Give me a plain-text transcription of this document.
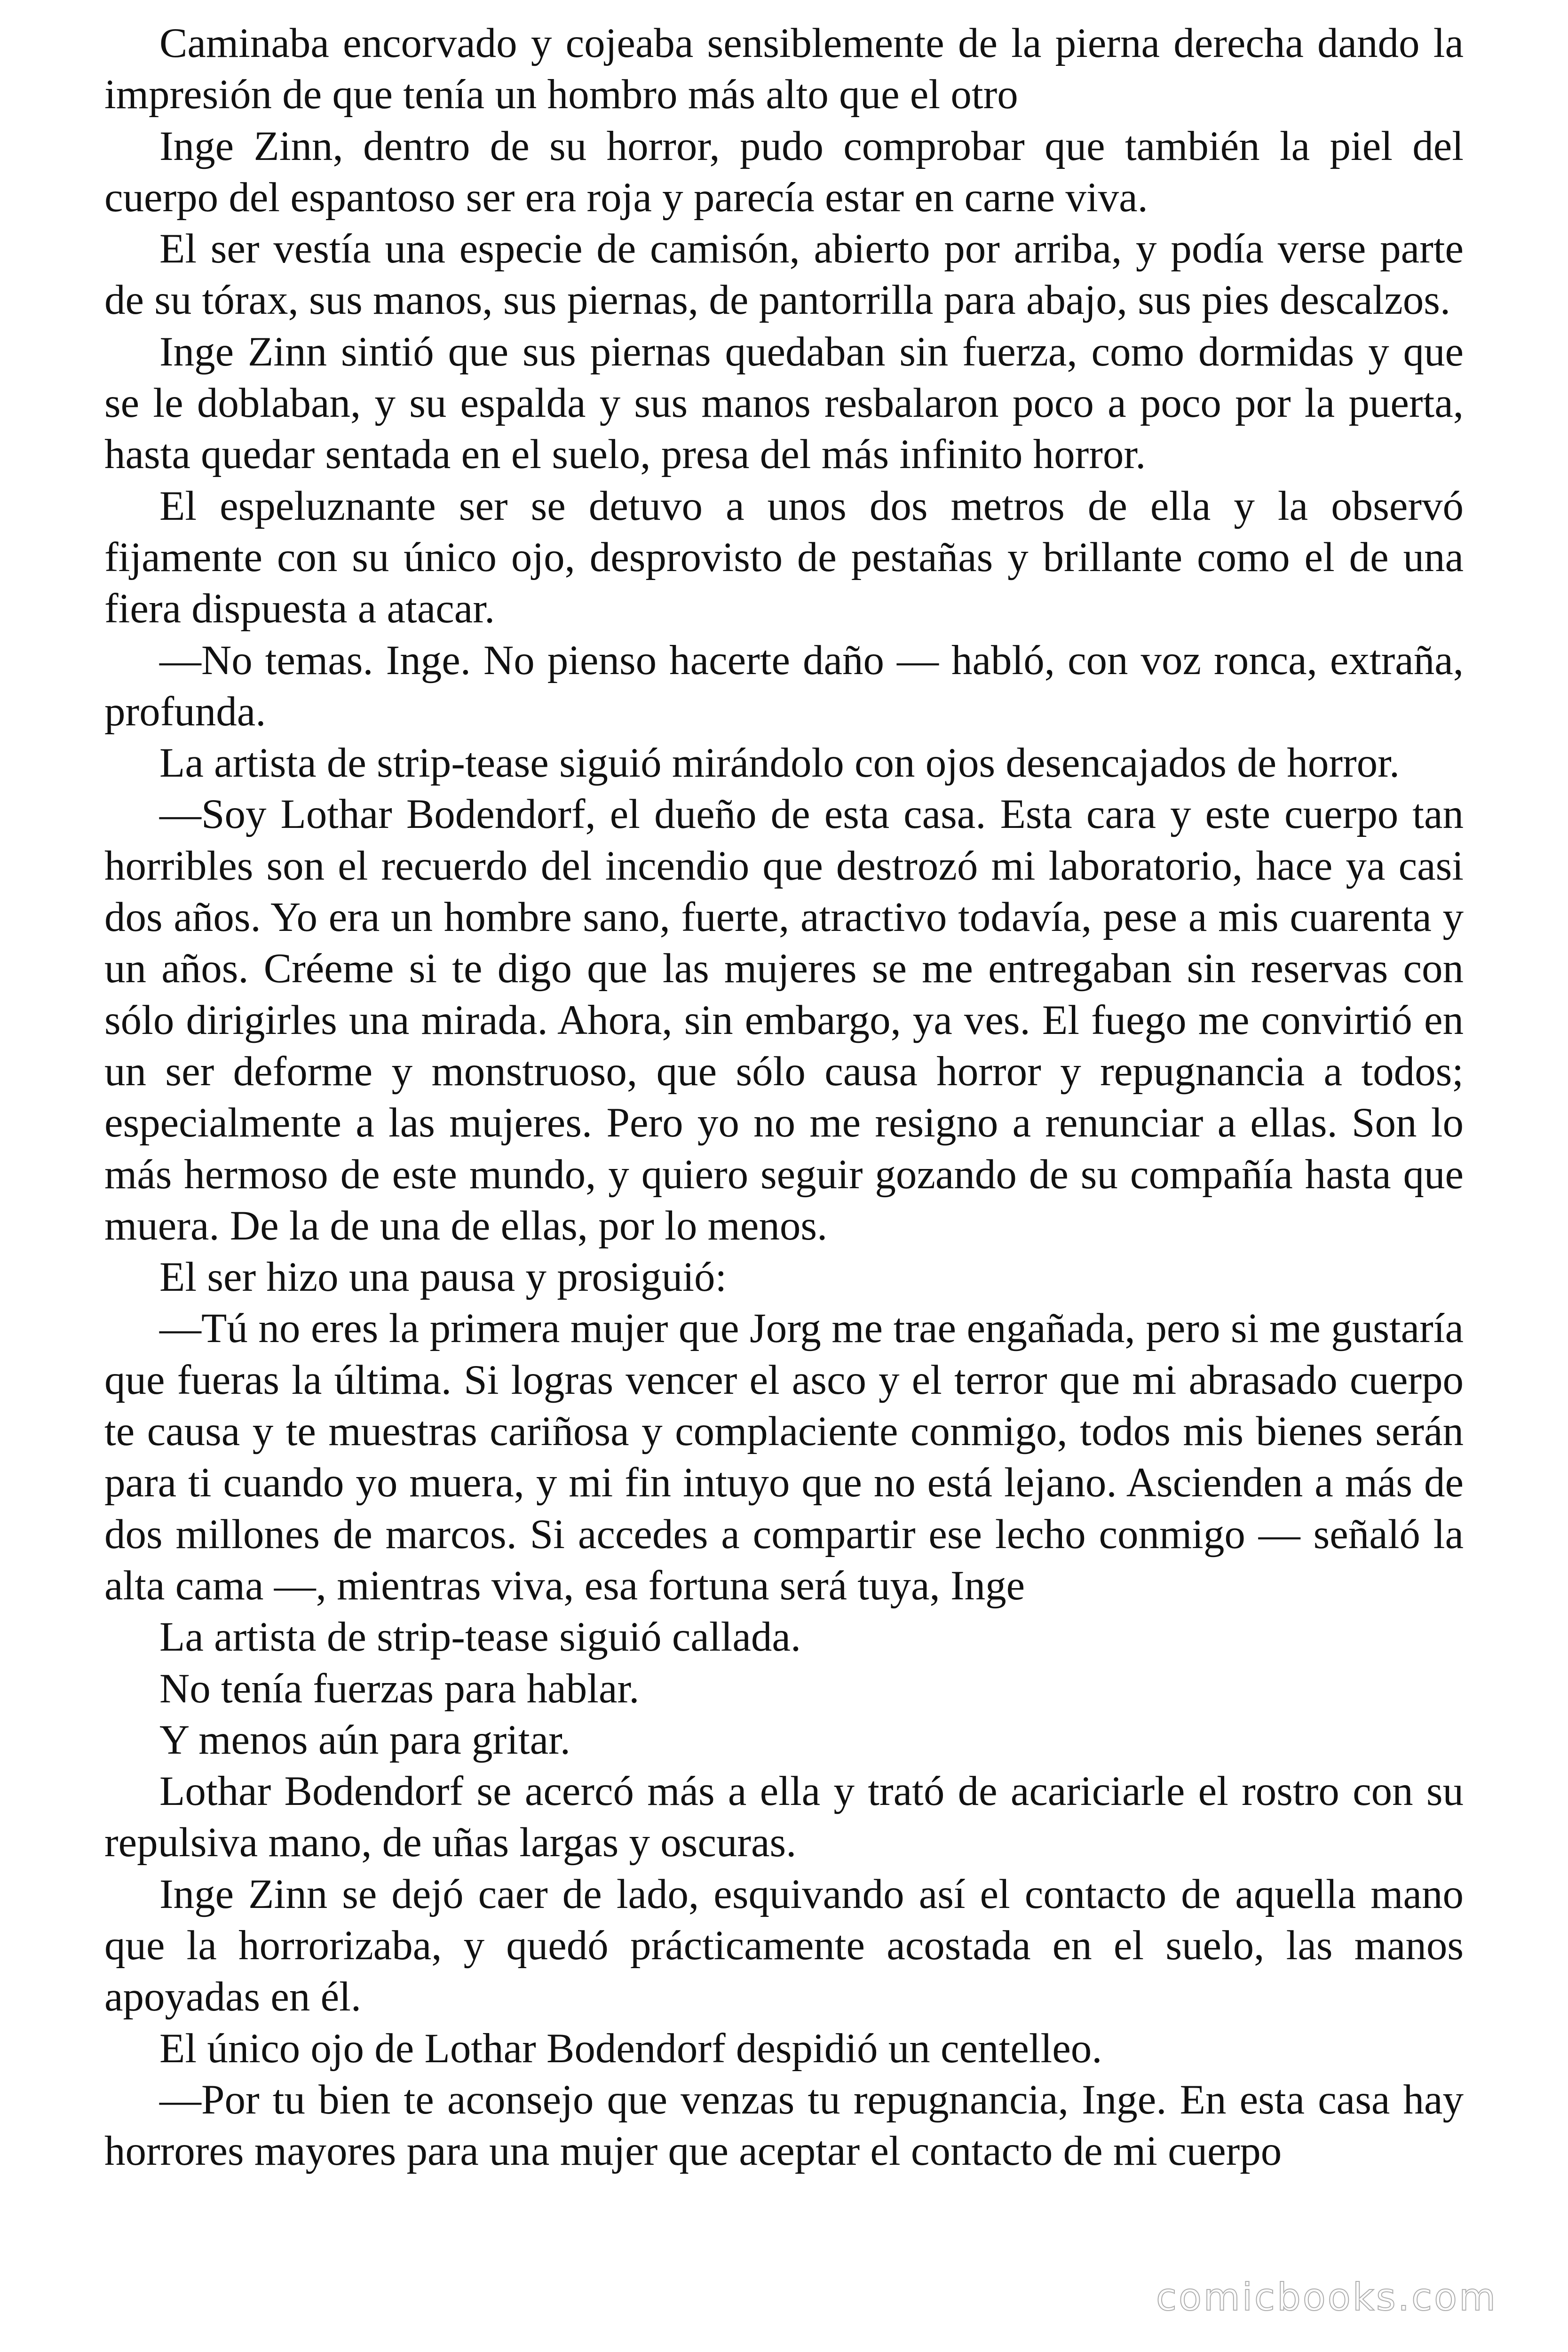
Caminaba encorvado y cojeaba sensiblemente de la pierna derecha dando la impresión de que tenía un hombro más alto que el otro

Inge Zinn, dentro de su horror, pudo comprobar que también la piel del cuerpo del espantoso ser era roja y parecía estar en carne viva.

El ser vestía una especie de camisón, abierto por arriba, y podía verse parte de su tórax, sus manos, sus piernas, de pantorrilla para abajo, sus pies descalzos.

Inge Zinn sintió que sus piernas quedaban sin fuerza, como dormidas y que se le doblaban, y su espalda y sus manos resbalaron poco a poco por la puerta, hasta quedar sentada en el suelo, presa del más infinito horror.

El espeluznante ser se detuvo a unos dos metros de ella y la observó fijamente con su único ojo, desprovisto de pestañas y brillante como el de una fiera dispuesta a atacar.

—No temas. Inge. No pienso hacerte daño — habló, con voz ronca, extraña, profunda.

La artista de strip-tease siguió mirándolo con ojos desencajados de horror.

—Soy Lothar Bodendorf, el dueño de esta casa. Esta cara y este cuerpo tan horribles son el recuerdo del incendio que destrozó mi laboratorio, hace ya casi dos años. Yo era un hombre sano, fuerte, atractivo todavía, pese a mis cuarenta y un años. Créeme si te digo que las mujeres se me entregaban sin reservas con sólo dirigirles una mirada. Ahora, sin embargo, ya ves. El fuego me convirtió en un ser deforme y monstruoso, que sólo causa horror y repugnancia a todos; especialmente a las mujeres. Pero yo no me resigno a renunciar a ellas. Son lo más hermoso de este mundo, y quiero seguir gozando de su compañía hasta que muera. De la de una de ellas, por lo menos.

El ser hizo una pausa y prosiguió:

—Tú no eres la primera mujer que Jorg me trae engañada, pero si me gustaría que fueras la última. Si logras vencer el asco y el terror que mi abrasado cuerpo te causa y te muestras cariñosa y complaciente conmigo, todos mis bienes serán para ti cuando yo muera, y mi fin intuyo que no está lejano. Ascienden a más de dos millones de marcos. Si accedes a compartir ese lecho conmigo — señaló la alta cama —, mientras viva, esa fortuna será tuya, Inge

La artista de strip-tease siguió callada.

No tenía fuerzas para hablar.

Y menos aún para gritar.

Lothar Bodendorf se acercó más a ella y trató de acariciarle el rostro con su repulsiva mano, de uñas largas y oscuras.

Inge Zinn se dejó caer de lado, esquivando así el contacto de aquella mano que la horrorizaba, y quedó prácticamente acostada en el suelo, las manos apoyadas en él.

El único ojo de Lothar Bodendorf despidió un centelleo.

—Por tu bien te aconsejo que venzas tu repugnancia, Inge. En esta casa hay horrores mayores para una mujer que aceptar el contacto de mi cuerpo

comicbooks.com
